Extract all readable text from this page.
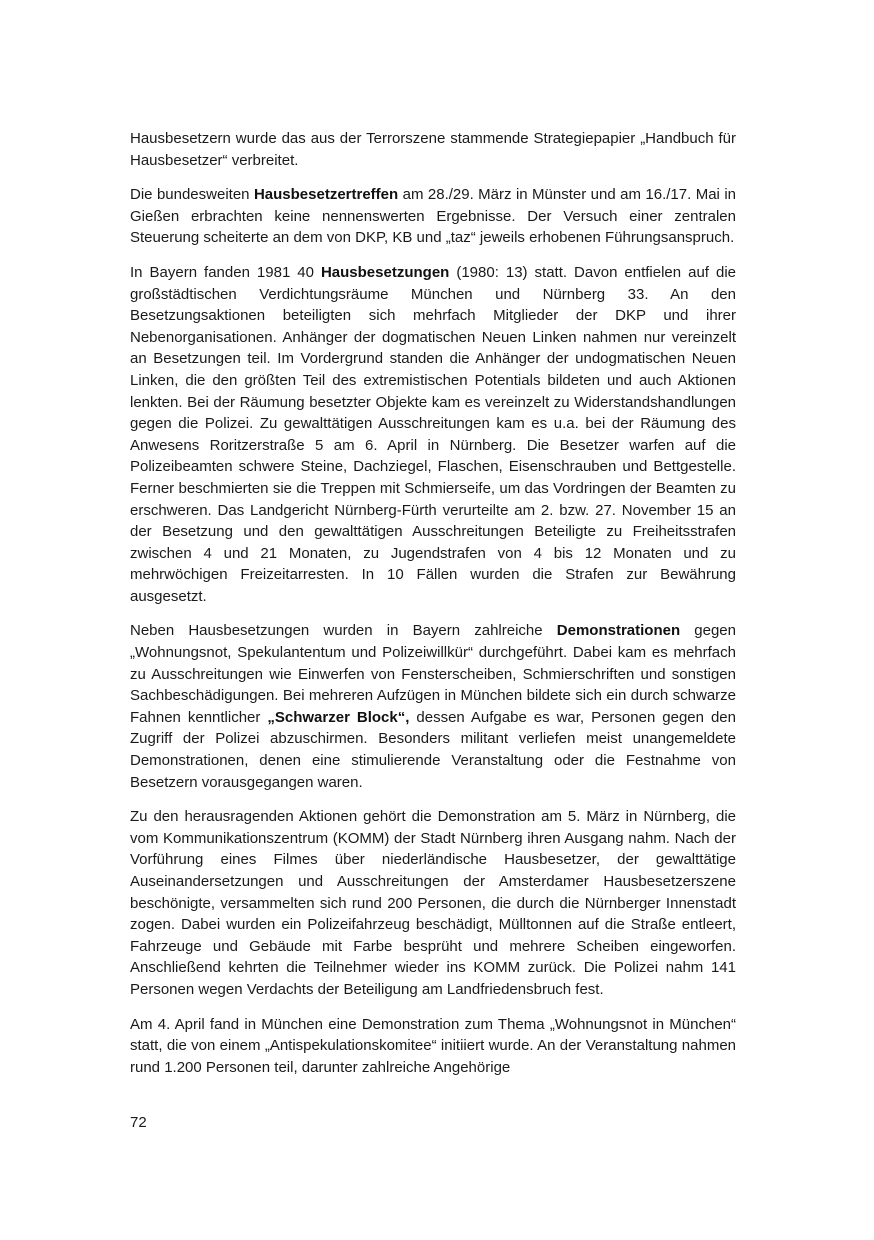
Hausbesetzern wurde das aus der Terrorszene stammende Strategiepapier „Handbuch für Hausbesetzer“ verbreitet.

Die bundesweiten Hausbesetzertreffen am 28./29. März in Münster und am 16./17. Mai in Gießen erbrachten keine nennenswerten Ergebnisse. Der Versuch einer zentralen Steuerung scheiterte an dem von DKP, KB und „taz“ jeweils erhobenen Führungsanspruch.

In Bayern fanden 1981 40 Hausbesetzungen (1980: 13) statt. Davon entfielen auf die großstädtischen Verdichtungsräume München und Nürnberg 33. An den Besetzungsaktionen beteiligten sich mehrfach Mitglieder der DKP und ihrer Nebenorganisationen. Anhänger der dogmatischen Neuen Linken nahmen nur vereinzelt an Besetzungen teil. Im Vordergrund standen die Anhänger der undogmatischen Neuen Linken, die den größten Teil des extremistischen Potentials bildeten und auch Aktionen lenkten. Bei der Räumung besetzter Objekte kam es vereinzelt zu Widerstandshandlungen gegen die Polizei. Zu gewalttätigen Ausschreitungen kam es u.a. bei der Räumung des Anwesens Roritzerstraße 5 am 6. April in Nürnberg. Die Besetzer warfen auf die Polizeibeamten schwere Steine, Dachziegel, Flaschen, Eisenschrauben und Bettgestelle. Ferner beschmierten sie die Treppen mit Schmierseife, um das Vordringen der Beamten zu erschweren. Das Landgericht Nürnberg-Fürth verurteilte am 2. bzw. 27. November 15 an der Besetzung und den gewalttätigen Ausschreitungen Beteiligte zu Freiheitsstrafen zwischen 4 und 21 Monaten, zu Jugendstrafen von 4 bis 12 Monaten und zu mehrwöchigen Freizeitarresten. In 10 Fällen wurden die Strafen zur Bewährung ausgesetzt.

Neben Hausbesetzungen wurden in Bayern zahlreiche Demonstrationen gegen „Wohnungsnot, Spekulantentum und Polizeiwillkür“ durchgeführt. Dabei kam es mehrfach zu Ausschreitungen wie Einwerfen von Fensterscheiben, Schmierschriften und sonstigen Sachbeschädigungen. Bei mehreren Aufzügen in München bildete sich ein durch schwarze Fahnen kenntlicher „Schwarzer Block“, dessen Aufgabe es war, Personen gegen den Zugriff der Polizei abzuschirmen. Besonders militant verliefen meist unangemeldete Demonstrationen, denen eine stimulierende Veranstaltung oder die Festnahme von Besetzern vorausgegangen waren.

Zu den herausragenden Aktionen gehört die Demonstration am 5. März in Nürnberg, die vom Kommunikationszentrum (KOMM) der Stadt Nürnberg ihren Ausgang nahm. Nach der Vorführung eines Filmes über niederländische Hausbesetzer, der gewalttätige Auseinandersetzungen und Ausschreitungen der Amsterdamer Hausbesetzerszene beschönigte, versammelten sich rund 200 Personen, die durch die Nürnberger Innenstadt zogen. Dabei wurden ein Polizeifahrzeug beschädigt, Mülltonnen auf die Straße entleert, Fahrzeuge und Gebäude mit Farbe besprüht und mehrere Scheiben eingeworfen. Anschließend kehrten die Teilnehmer wieder ins KOMM zurück. Die Polizei nahm 141 Personen wegen Verdachts der Beteiligung am Landfriedensbruch fest.

Am 4. April fand in München eine Demonstration zum Thema „Wohnungsnot in München“ statt, die von einem „Antispekulationskomitee“ initiiert wurde. An der Veranstaltung nahmen rund 1.200 Personen teil, darunter zahlreiche Angehörige

72
